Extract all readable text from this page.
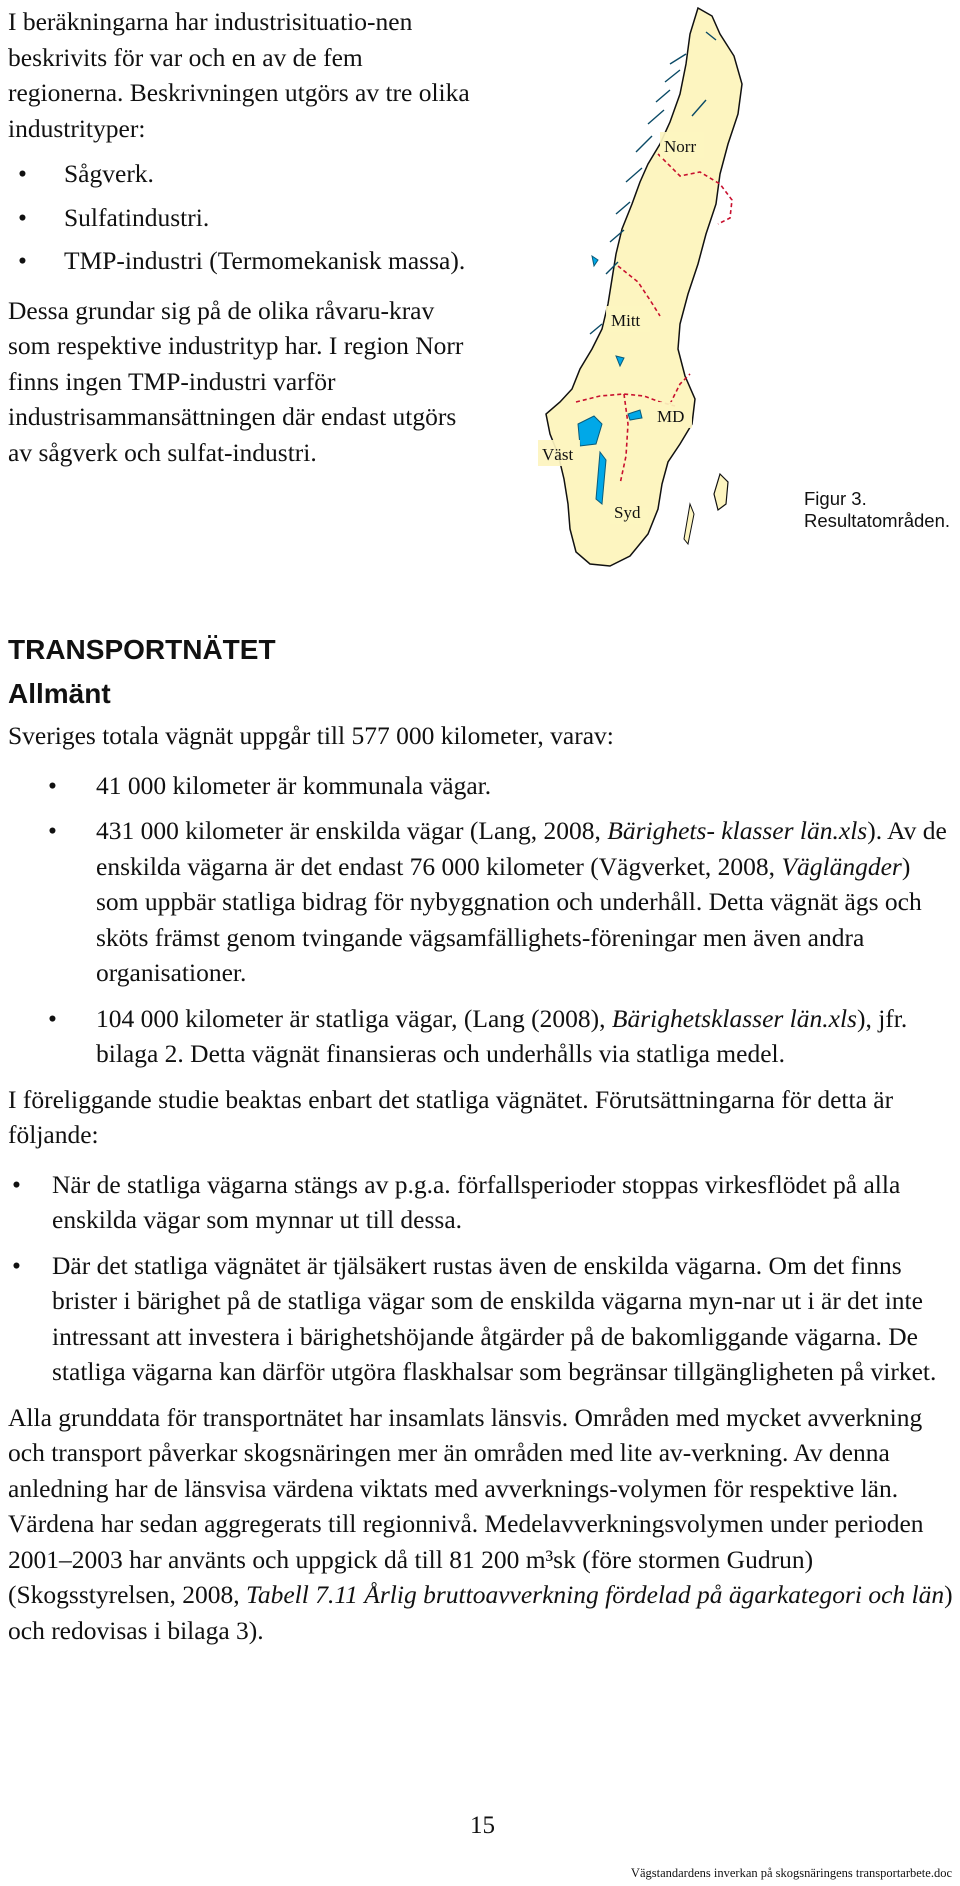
I beräkningarna har industrisituatio-nen beskrivits för var och en av de fem regionerna. Beskrivningen utgörs av tre olika industrityper:

• Sågverk.
• Sulfatindustri.
• TMP-industri (Termomekanisk massa).

Dessa grundar sig på de olika råvaru-krav som respektive industrityp har. I region Norr finns ingen TMP-industri varför industrisammansättningen där endast utgörs av sågverk och sulfat-industri.

Norr
Mitt
MD
Väst
Syd
Figur 3.
Resultatområden.
TRANSPORTNÄTET
Allmänt

Sveriges totala vägnät uppgår till 577 000 kilometer, varav:

• 41 000 kilometer är kommunala vägar.
• 431 000 kilometer är enskilda vägar (Lang, 2008, Bärighets- klasser län.xls). Av de enskilda vägarna är det endast 76 000 kilometer (Vägverket, 2008, Väglängder) som uppbär statliga bidrag för nybyggnation och underhåll. Detta vägnät ägs och sköts främst genom tvingande vägsamfällighets-föreningar men även andra organisationer.
• 104 000 kilometer är statliga vägar, (Lang (2008), Bärighetsklasser län.xls), jfr. bilaga 2. Detta vägnät finansieras och underhålls via statliga medel.

I föreliggande studie beaktas enbart det statliga vägnätet. Förutsättningarna för detta är följande:

• När de statliga vägarna stängs av p.g.a. förfallsperioder stoppas virkesflödet på alla enskilda vägar som mynnar ut till dessa.
• Där det statliga vägnätet är tjälsäkert rustas även de enskilda vägarna. Om det finns brister i bärighet på de statliga vägar som de enskilda vägarna myn-nar ut i är det inte intressant att investera i bärighetshöjande åtgärder på de bakomliggande vägarna. De statliga vägarna kan därför utgöra flaskhalsar som begränsar tillgängligheten på virket.

Alla grunddata för transportnätet har insamlats länsvis. Områden med mycket avverkning och transport påverkar skogsnäringen mer än områden med lite av-verkning. Av denna anledning har de länsvisa värdena viktats med avverknings-volymen för respektive län. Värdena har sedan aggregerats till regionnivå. Medelavverkningsvolymen under perioden 2001–2003 har använts och uppgick då till 81 200 m³sk (före stormen Gudrun) (Skogsstyrelsen, 2008, Tabell 7.11 Årlig bruttoavverkning fördelad på ägarkategori och län) och redovisas i bilaga 3).

15
Vägstandardens inverkan på skogsnäringens transportarbete.doc
